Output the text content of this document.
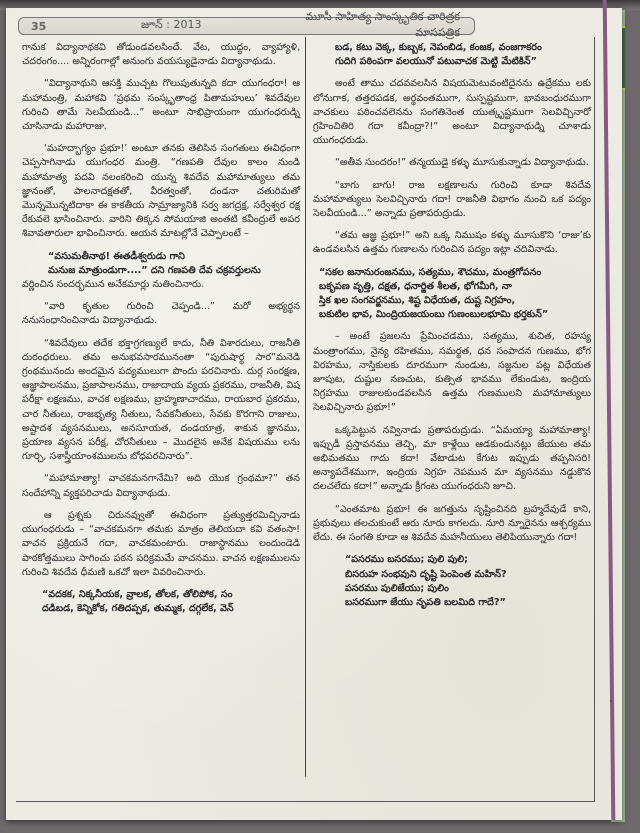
35	జూన్ : 2013
మూసీ సాహిత్య సాంస్కృతిక చారిత్రక మాసపత్రిక

గానుక విద్యానాథకవి తోడుండవలసిందే. వేట, యుద్ధం, వ్యాహ్యాళి, చదరంగం.... అన్నిరంగాల్లో అనుంగు వయస్యుడైనాడు విద్యానాథుడు.

“విద్యానాథుని ఆసక్తి ముచ్చట గొలుపుతున్నది కదా యుగంధరా! ఆ మహామంత్రి, మహాకవి ‘ప్రథమ సంస్కృతాంధ్ర పితామహులు’ శివదేవుల గురించి తామే సెలవీయండి...” అంటూ సాభిప్రాయంగా యుగంధరుడ్ని చూసినాడు మహారాజు.

‘మహద్భాగ్యం ప్రభూ!’ అంటూ తనకు తెలిసిన సంగతులు ఈవిధంగా చెప్పసాగినాడు యుగంధర మంత్రి. “గణపతి దేవుల కాలం నుండి మహామాత్య పదవి నలంకరించి యున్న శివదేవ మహామాత్యులు తమ జ్ఞానంతో, పాలనాదక్షతతో, వీరత్వంతో, దండనా చతురిమతో మొన్నమొన్నటిదాకా ఈ కాకతీయ సామ్రాజ్యానికి సర్వ జగద్రక్ష, సర్వేశ్వర రక్ష రేకువలె భాసించినారు. వారిని తిక్కన సోమయాజి అంతటి కవీంద్రులే అపర శివావతారులా భావించినారు. ఆయన మాటల్లోనే చెప్పాలంటే –

“వసుమతీనాథ! ఈతడీశ్వరుడు గాని
మనుజ మాత్రుండుగా....” దని గణపతి దేవ చక్రవర్తులను

వర్ణించిన సందర్భమున అనేకమార్లు నుతించినారు.

“వారి కృతుల గురించి చెప్పండి...” మరో అభ్యర్థన ననుసంధానించినాడు విద్యానాథుడు.

“శివదేవులు తదేక భక్తాగ్రగణ్యులే కాదు, నీతి విశారదులు, రాజనీతి దురంధరులు. తమ అనుభవసారమునంతా “పురుషార్థ సార”మనెడి గ్రంథమునందు అందమైన పద్యములుగా పొందు పరచినారు. దుర్గ సంరక్షణ, ఆజ్ఞాపాలనము, ప్రజాపాలనము, రాజాదాయ వ్యయ ప్రకరము, రాజనీతి, విష పరీక్షా లక్షణము, వాచక లక్షణము, బ్రాహ్మణాచారము, రాయబార ప్రకరము, చార నీతులు, రాజభృత్య నీతులు, సేవకనీతులు, సేవకు కొరగాని రాజులు, అష్టాదశ వ్యసనములు, అనసూయత, దండయాత్ర, శాకున జ్ఞానము, ప్రయాణ వ్యసన పరీక్ష, చోరనీతులు – మొదలైన అనేక విషయము లను గూర్చి, సశాస్త్రీయాంశములను బోధపరచినారు”.

“మహామాత్యా! వాచకమనగానేమి? అది యొక గ్రంథమా?” తన సందేహాన్ని వ్యక్తపరిచాడు విద్యానాథుడు.

ఆ ప్రశ్నకు చిరునవ్వుతో ఈవిధంగా ప్రత్యుత్తరమిచ్చినాడు యుగంధరుడు – “వాచకమనగా తమకు మాత్రం తెలియదా కవి వతంసా! వాచన ప్రక్రియనే గదా, వాచకమంటారు. రాజాస్థానము లందుండెడి పాఠకోత్తములు సాగించు పఠన పరిక్రమమే వాచనము. వాచన లక్షణములను గురించి శివదేవ ధీమణి ఒకచో ఇలా వివరించినారు.

“వదకక, నిక్కనీయక, వ్రాలక, తోలక, తోలిపోక, సం
దడిబడ, కెన్నికోక, గతిదప్పక, తుమ్మక, దగ్గలేక, వెన్
బడ, కటు వెక్క, కుబ్బక, నెపంబిడ, కంజక, వంజగాకరం
గుదిగి పఠింపగా వలయునో పటువాచక మెట్టి మేటికిన్”

అంటే తాము చదవవలసిన విషయమెటువంటిదైనను ఉద్రేకము లకు లోనుగాక, తత్తరపడక, అర్థవంతముగా, సుస్పష్టముగా, భావబంధురముగా వాచకులు పఠించవలెనను సంగతినెంత యుత్కృష్టముగా సెలవిచ్చినారో గ్రహించితిరి గదా కవీంద్రా?!” అంటూ విద్యానాథుడ్ని చూశాడు యుగంధరుడు.

“అతీవ సుందరం!” తన్మయుడై కళ్ళు మూసుకున్నాడు విద్యానాథుడు.

“బాగు బాగు! రాజ లక్షణాలను గురించి కూడా శివదేవ మహామాత్యులు సెలవిచ్చినారు గదా! రాజనీతి విభాగం నుంచి ఒక పద్యం సెలవీయండి...” అన్నాడు ప్రతాపరుద్రుడు.

“తమ ఆజ్ఞ ప్రభూ!” అని ఒక్క నిముషం కళ్ళు మూసుకొని ‘రాజు’కు ఉండవలసిన ఉత్తమ గుణాలను గురించిన పద్యం ఇట్లా చదివినాడు.

“సకల జనానురంజనము, సత్యము, శౌచము, మంత్రగోపనం
బకృపణ వృత్తి, దక్షత, ధనార్జిత శీలత, భోగమీగి, నా
స్తిక ఖల సంగవర్జనము, శిష్ట విధేయత, దుష్ట నిగ్రహం,
బకుటిల భావ, మింద్రియజయంబు గుణంబులభూమి భర్తకున్”

– అంటే ప్రజలను ప్రేమించడము, సత్యము, శుచిత, రహస్య మంత్రాంగము, నైన్య రహితము, సమర్థత, ధన సంపాదన గుణము, భోగ విరహము, నాస్తికులకు దూరముగా నుండుట, సజ్జనుల పట్ల విధేయత జూపుట, దుష్టుల నణచుట, కుత్సిత భావము లేకుండుట, ఇంద్రియ నిగ్రహము రాజులకుండవలసిన ఉత్తమ గుణములని మహామాత్యులు సెలవిచ్చినారు ప్రభూ!”

ఒక్కపెట్టున నవ్వినాడు ప్రతాపరుద్రుడు. “ఏమయ్యా మహామాత్యా! ఇప్పుడీ ప్రస్తావనము తెచ్చి, మా కాళ్లేయి ఆడకుండునట్లు జేయుట తమ అభిమతము గాదు కదా! వేటాడుట కేగుట ఇప్పుడు తప్పనిసరి! అన్యాపదేశముగా, ఇంద్రియ నిగ్రహ నెపమున మా వ్యసనము నడ్డుకొన దలచలేదు కదా!” అన్నాడు క్రీగంట యుగంధరుని జూచి.

“ఎంతమాట ప్రభూ! ఈ జగత్తును సృష్టించినది బ్రహ్మదేవుడే కాని, ప్రభువులు తలచుకుంటే ఆరు నూరు కాగలదు. నూరి న్నూరైనను ఆశ్చర్యము లేదు. ఈ సంగతి కూడా ఆ శివదేవ మహనీయులు తెలిపియున్నారు గదా!

“పసరము బసరము; పులి పులి;
బిసరుహ సంభవుని దృష్టి పెంపెంత మహిన్?
పసరము పులిజేయు; పులిం
బసరముగా జేయు నృపతి బలమిది గాదే?”
